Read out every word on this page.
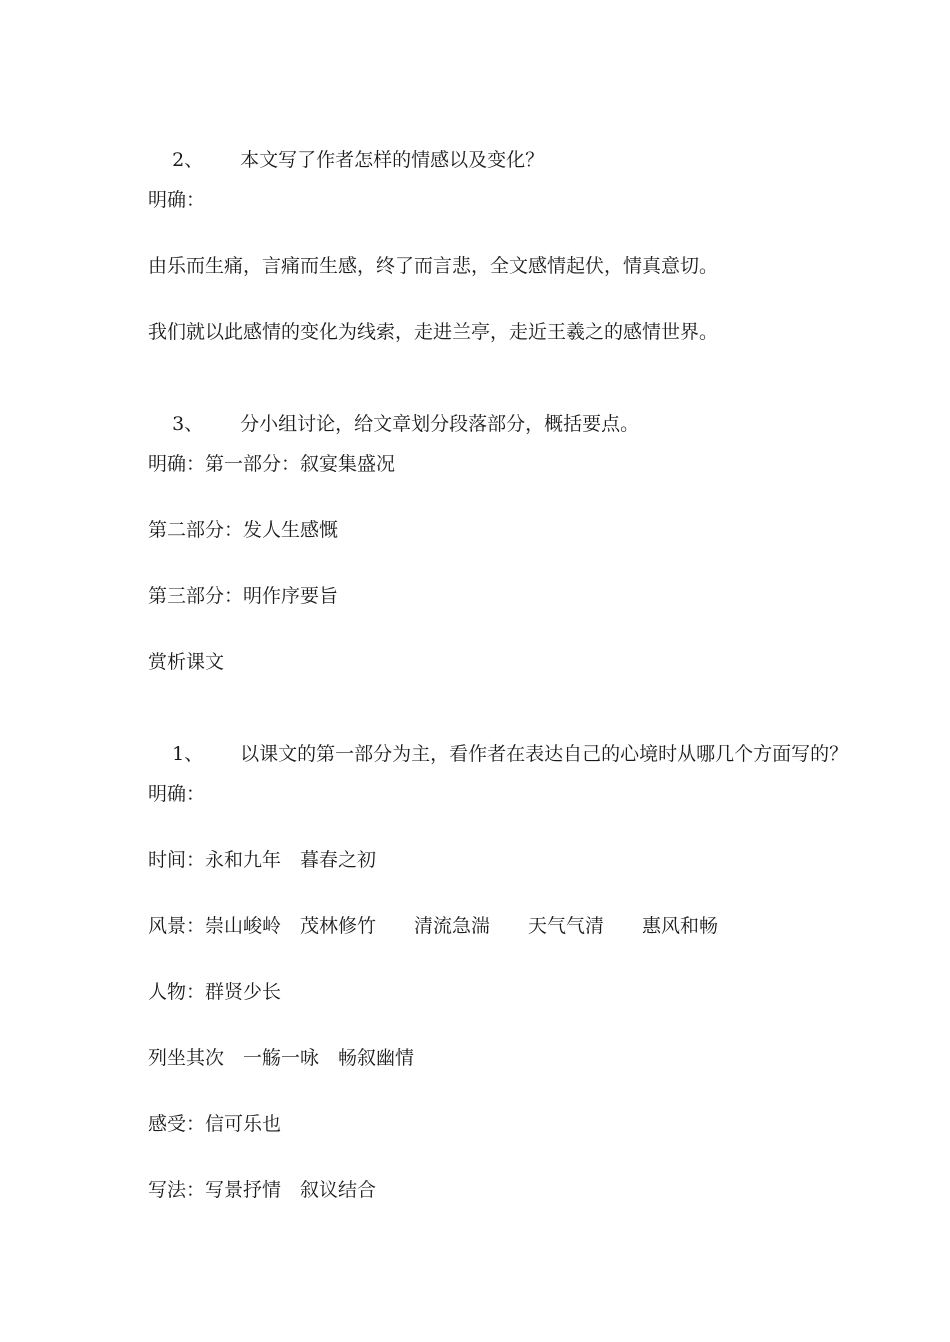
2、 本文写了作者怎样的情感以及变化？

明确：
由乐而生痛，言痛而生感，终了而言悲，全文感情起伏，情真意切。
我们就以此感情的变化为线索，走进兰亭，走近王羲之的感情世界。

3、 分小组讨论，给文章划分段落部分，概括要点。

明确：第一部分：叙宴集盛况
第二部分：发人生感慨
第三部分：明作序要旨
赏析课文

1、 以课文的第一部分为主，看作者在表达自己的心境时从哪几个方面写的？

明确：
时间：永和九年　暮春之初
风景：崇山峻岭　茂林修竹　　清流急湍　　天气气清　　惠风和畅
人物：群贤少长
列坐其次　一觞一咏　畅叙幽情
感受：信可乐也
写法：写景抒情　叙议结合
